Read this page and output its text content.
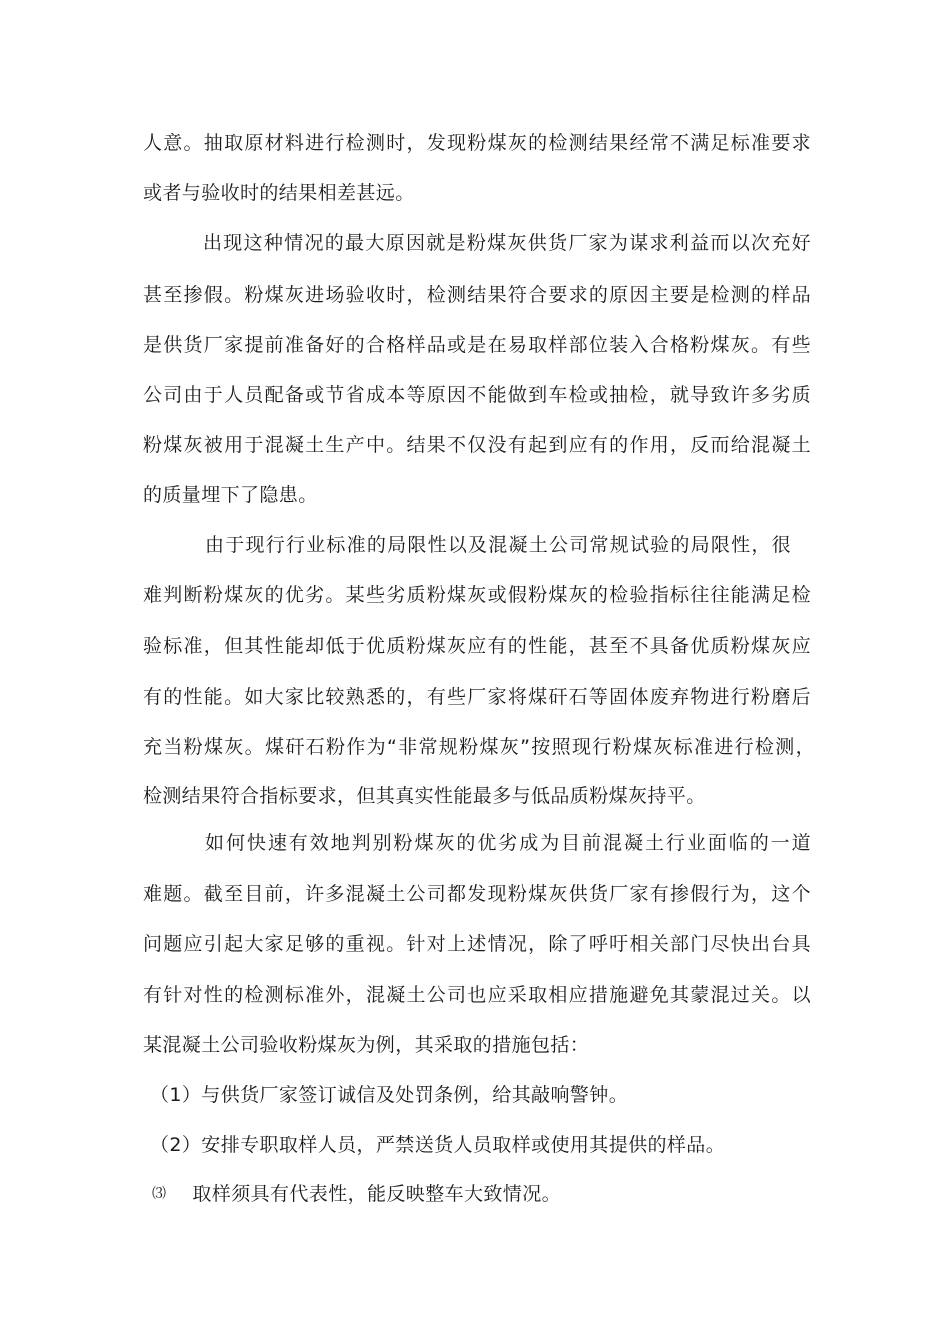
人意。抽取原材料进行检测时，发现粉煤灰的检测结果经常不满足标准要求
或者与验收时的结果相差甚远。
出现这种情况的最大原因就是粉煤灰供货厂家为谋求利益而以次充好
甚至掺假。粉煤灰进场验收时，检测结果符合要求的原因主要是检测的样品
是供货厂家提前准备好的合格样品或是在易取样部位装入合格粉煤灰。有些
公司由于人员配备或节省成本等原因不能做到车检或抽检，就导致许多劣质
粉煤灰被用于混凝土生产中。结果不仅没有起到应有的作用，反而给混凝土
的质量埋下了隐患。
由于现行行业标准的局限性以及混凝土公司常规试验的局限性，很
难判断粉煤灰的优劣。某些劣质粉煤灰或假粉煤灰的检验指标往往能满足检
验标准，但其性能却低于优质粉煤灰应有的性能，甚至不具备优质粉煤灰应
有的性能。如大家比较熟悉的，有些厂家将煤矸石等固体废弃物进行粉磨后
充当粉煤灰。煤矸石粉作为“非常规粉煤灰”按照现行粉煤灰标准进行检测，
检测结果符合指标要求，但其真实性能最多与低品质粉煤灰持平。
如何快速有效地判别粉煤灰的优劣成为目前混凝土行业面临的一道
难题。截至目前，许多混凝土公司都发现粉煤灰供货厂家有掺假行为，这个
问题应引起大家足够的重视。针对上述情况，除了呼吁相关部门尽快出台具
有针对性的检测标准外，混凝土公司也应采取相应措施避免其蒙混过关。以
某混凝土公司验收粉煤灰为例，其采取的措施包括：
（1）与供货厂家签订诚信及处罚条例，给其敲响警钟。
（2）安排专职取样人员，严禁送货人员取样或使用其提供的样品。
⑶ 取样须具有代表性，能反映整车大致情况。
